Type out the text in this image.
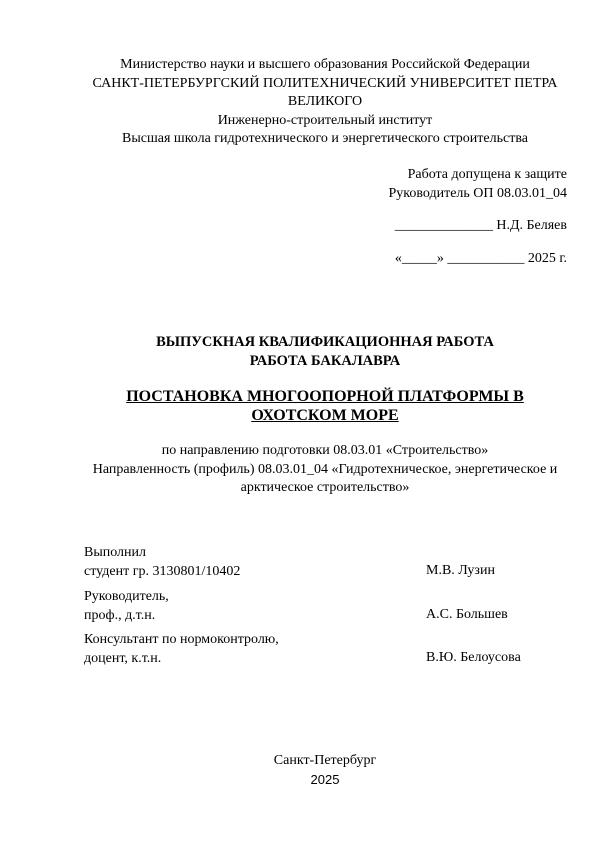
Министерство науки и высшего образования Российской Федерации
САНКТ-ПЕТЕРБУРГСКИЙ ПОЛИТЕХНИЧЕСКИЙ УНИВЕРСИТЕТ ПЕТРА
ВЕЛИКОГО
Инженерно-строительный институт
Высшая школа гидротехнического и энергетического строительства
Работа допущена к защите
Руководитель ОП 08.03.01_04
______________ Н.Д. Беляев
«_____» ___________ 2025 г.
ВЫПУСКНАЯ КВАЛИФИКАЦИОННАЯ РАБОТА
РАБОТА БАКАЛАВРА
ПОСТАНОВКА МНОГООПОРНОЙ ПЛАТФОРМЫ В
ОХОТСКОМ МОРЕ
по направлению подготовки 08.03.01 «Строительство»
Направленность (профиль) 08.03.01_04 «Гидротехническое, энергетическое и
арктическое строительство»
Выполнил
студент гр. 3130801/10402	М.В. Лузин
Руководитель,
проф., д.т.н.	А.С. Большев
Консультант по нормоконтролю,
доцент, к.т.н.	В.Ю. Белоусова
Санкт-Петербург
2025
